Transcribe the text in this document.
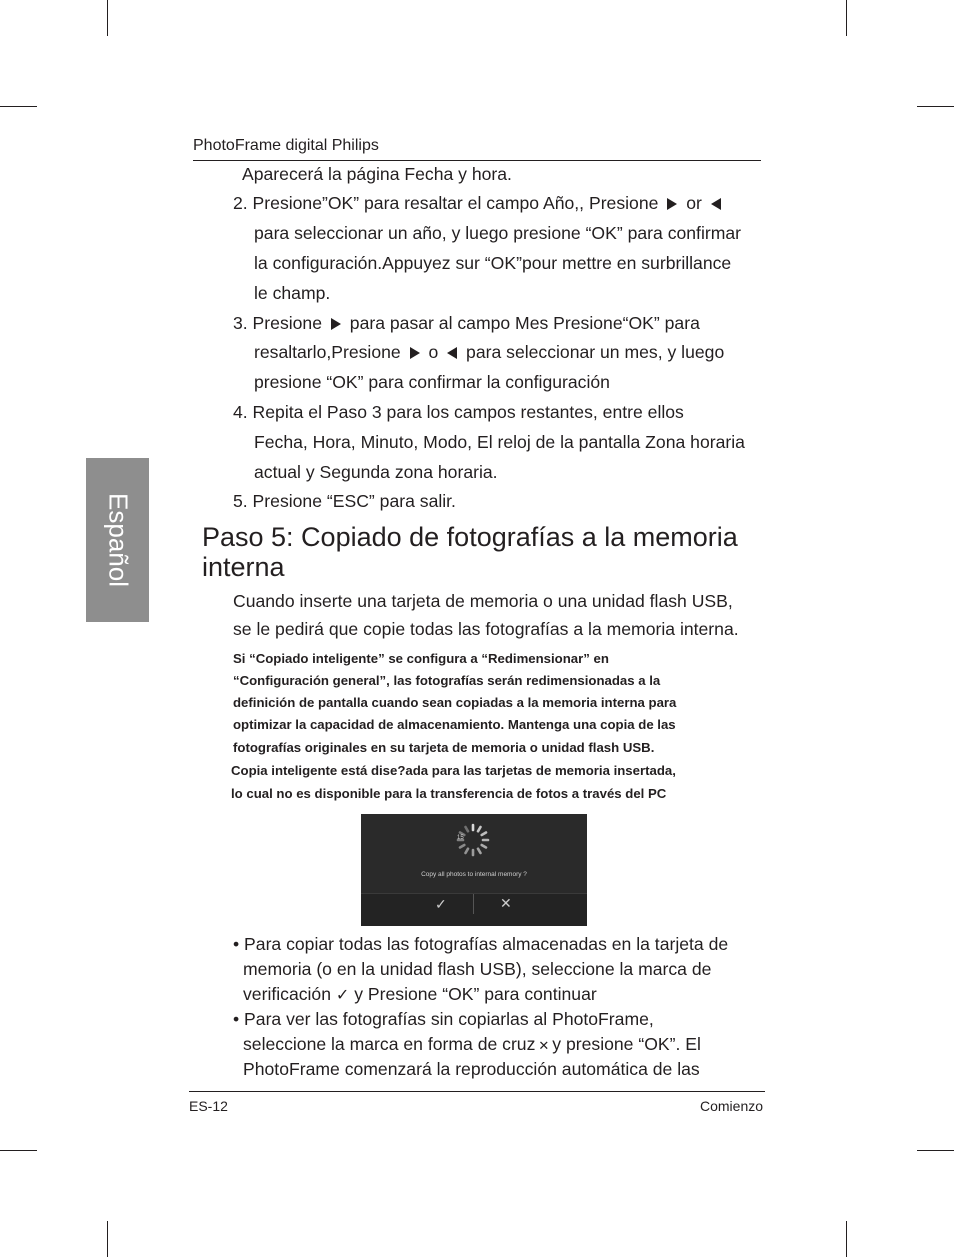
PhotoFrame digital Philips
Español
Aparecerá la página Fecha y hora.
2. Presione”OK” para resaltar el campo Año,, Presione or
para seleccionar un año, y luego presione “OK” para confirmar
la configuración.Appuyez sur “OK”pour mettre en surbrillance
le champ.
3. Presione para pasar al campo Mes Presione“OK” para
resaltarlo,Presione o para seleccionar un mes, y luego
presione “OK” para confirmar la configuración
4. Repita el Paso 3 para los campos restantes, entre ellos
Fecha, Hora, Minuto, Modo, El reloj de la pantalla Zona horaria
actual y Segunda zona horaria.
5. Presione “ESC” para salir.
Paso 5: Copiado de fotografías a la memoria interna
Cuando inserte una tarjeta de memoria o una unidad flash USB,
se le pedirá que copie todas las fotografías a la memoria interna.
Si “Copiado inteligente” se configura a “Redimensionar” en
“Configuración general”, las fotografías serán redimensionadas a la
definición de pantalla cuando sean copiadas a la memoria interna para
optimizar la capacidad de almacenamiento. Mantenga una copia de las
fotografías originales en su tarjeta de memoria o unidad flash USB.
Copia inteligente está dise?ada para las tarjetas de memoria insertada,
lo cual no es disponible para la transferencia de fotos a través del PC
15
Copy all photos to internal memory ?
✓	✕
• Para copiar todas las fotografías almacenadas en la tarjeta de
memoria (o en la unidad flash USB), seleccione la marca de
verificación ✓ y Presione “OK” para continuar
• Para ver las fotografías sin copiarlas al PhotoFrame,
seleccione la marca en forma de cruz ✕ y presione “OK”. El
PhotoFrame comenzará la reproducción automática de las
ES-12	Comienzo
